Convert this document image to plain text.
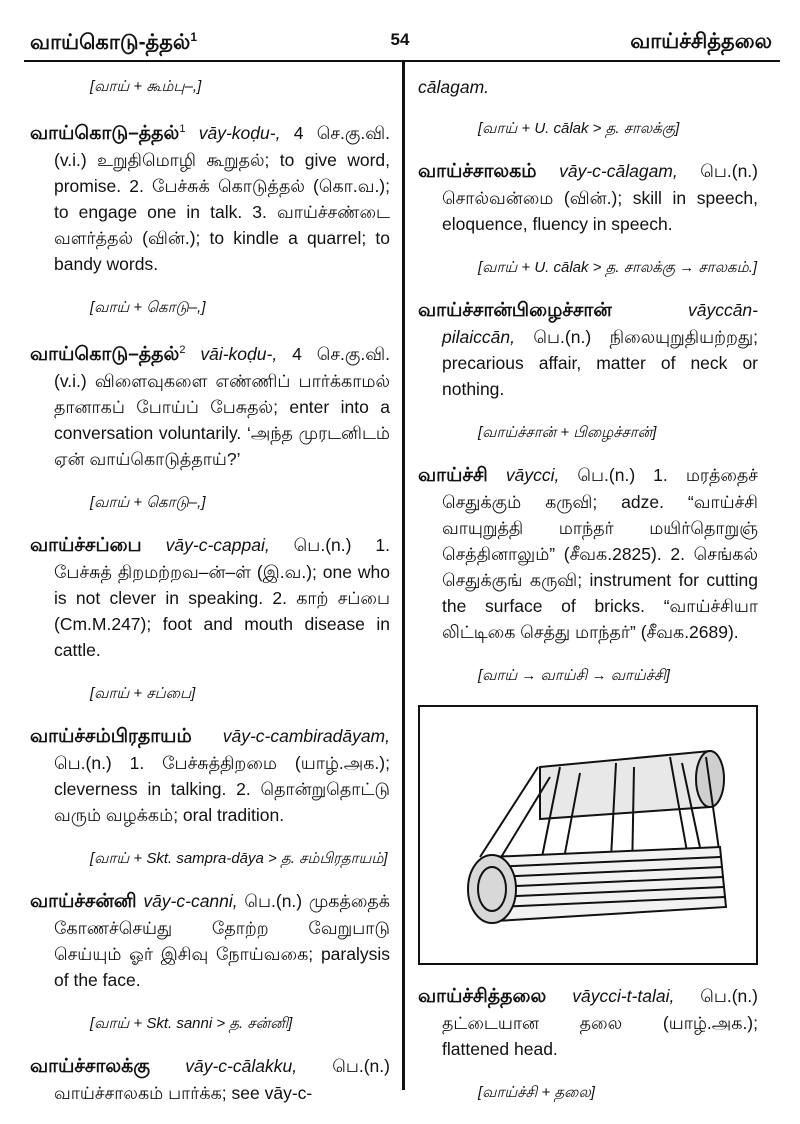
வாய்கொடு-த்தல்$^1$	54	வாய்ச்சித்தலை
[வாய் + கூம்பு–,]
வாய்கொடு–த்தல்$^1$ vāy-koḍu-, 4 செ.கு.வி. (v.i.) உறுதிமொழி கூறுதல்; to give word, promise. 2. பேச்சுக் கொடுத்தல் (கொ.வ.); to engage one in talk. 3. வாய்ச்சண்டை வளர்த்தல் (வின்.); to kindle a quarrel; to bandy words.
[வாய் + கொடு–,]
வாய்கொடு–த்தல்$^2$ vāi-koḍu-, 4 செ.கு.வி. (v.i.) விளைவுகளை எண்ணிப் பார்க்காமல் தானாகப் போய்ப் பேசுதல்; enter into a conversation voluntarily. ‘அந்த முரடனிடம் ஏன் வாய்கொடுத்தாய்?’
[வாய் + கொடு–,]
வாய்ச்சப்பை vāy-c-cappai, பெ.(n.) 1. பேச்சுத் திறமற்றவ–ன்–ள் (இ.வ.); one who is not clever in speaking. 2. காற் சப்பை (Cm.M.247); foot and mouth disease in cattle.
[வாய் + சப்பை]
வாய்ச்சம்பிரதாயம் vāy-c-cambiradāyam, பெ.(n.) 1. பேச்சுத்திறமை (யாழ்.அக.); cleverness in talking. 2. தொன்றுதொட்டு வரும் வழக்கம்; oral tradition.
[வாய் + Skt. sampra-dāya > த. சம்பிரதாயம்]
வாய்ச்சன்னி vāy-c-canni, பெ.(n.) முகத்தைக் கோணச்செய்து தோற்ற வேறுபாடு செய்யும் ஓர் இசிவு நோய்வகை; paralysis of the face.
[வாய் + Skt. sanni > த. சன்னி]
வாய்ச்சாலக்கு vāy-c-cālakku, பெ.(n.) வாய்ச்சாலகம் பார்க்க; see vāy-c-
cālagam.
[வாய் + U. cālak > த. சாலக்கு]
வாய்ச்சாலகம் vāy-c-cālagam, பெ.(n.) சொல்வன்மை (வின்.); skill in speech, eloquence, fluency in speech.
[வாய் + U. cālak > த. சாலக்கு → சாலகம்.]
வாய்ச்சான்பிழைச்சான்	vāyccān-pilaiccān, பெ.(n.) நிலையுறுதியற்றது; precarious affair, matter of neck or nothing.
[வாய்ச்சான் + பிழைச்சான்]
வாய்ச்சி vāycci, பெ.(n.) 1. மரத்தைச் செதுக்கும் கருவி; adze. “வாய்ச்சி வாயுறுத்தி மாந்தர் மயிர்தொறுஞ் செத்தினாலும்” (சீவக.2825). 2. செங்கல் செதுக்குங் கருவி; instrument for cutting the surface of bricks. “வாய்ச்சியா லிட்டிகை செத்து மாந்தர்” (சீவக.2689).
[வாய் → வாய்சி → வாய்ச்சி]
வாய்ச்சித்தலை vāycci-t-talai, பெ.(n.) தட்டையான தலை (யாழ்.அக.); flattened head.
[வாய்ச்சி + தலை]
